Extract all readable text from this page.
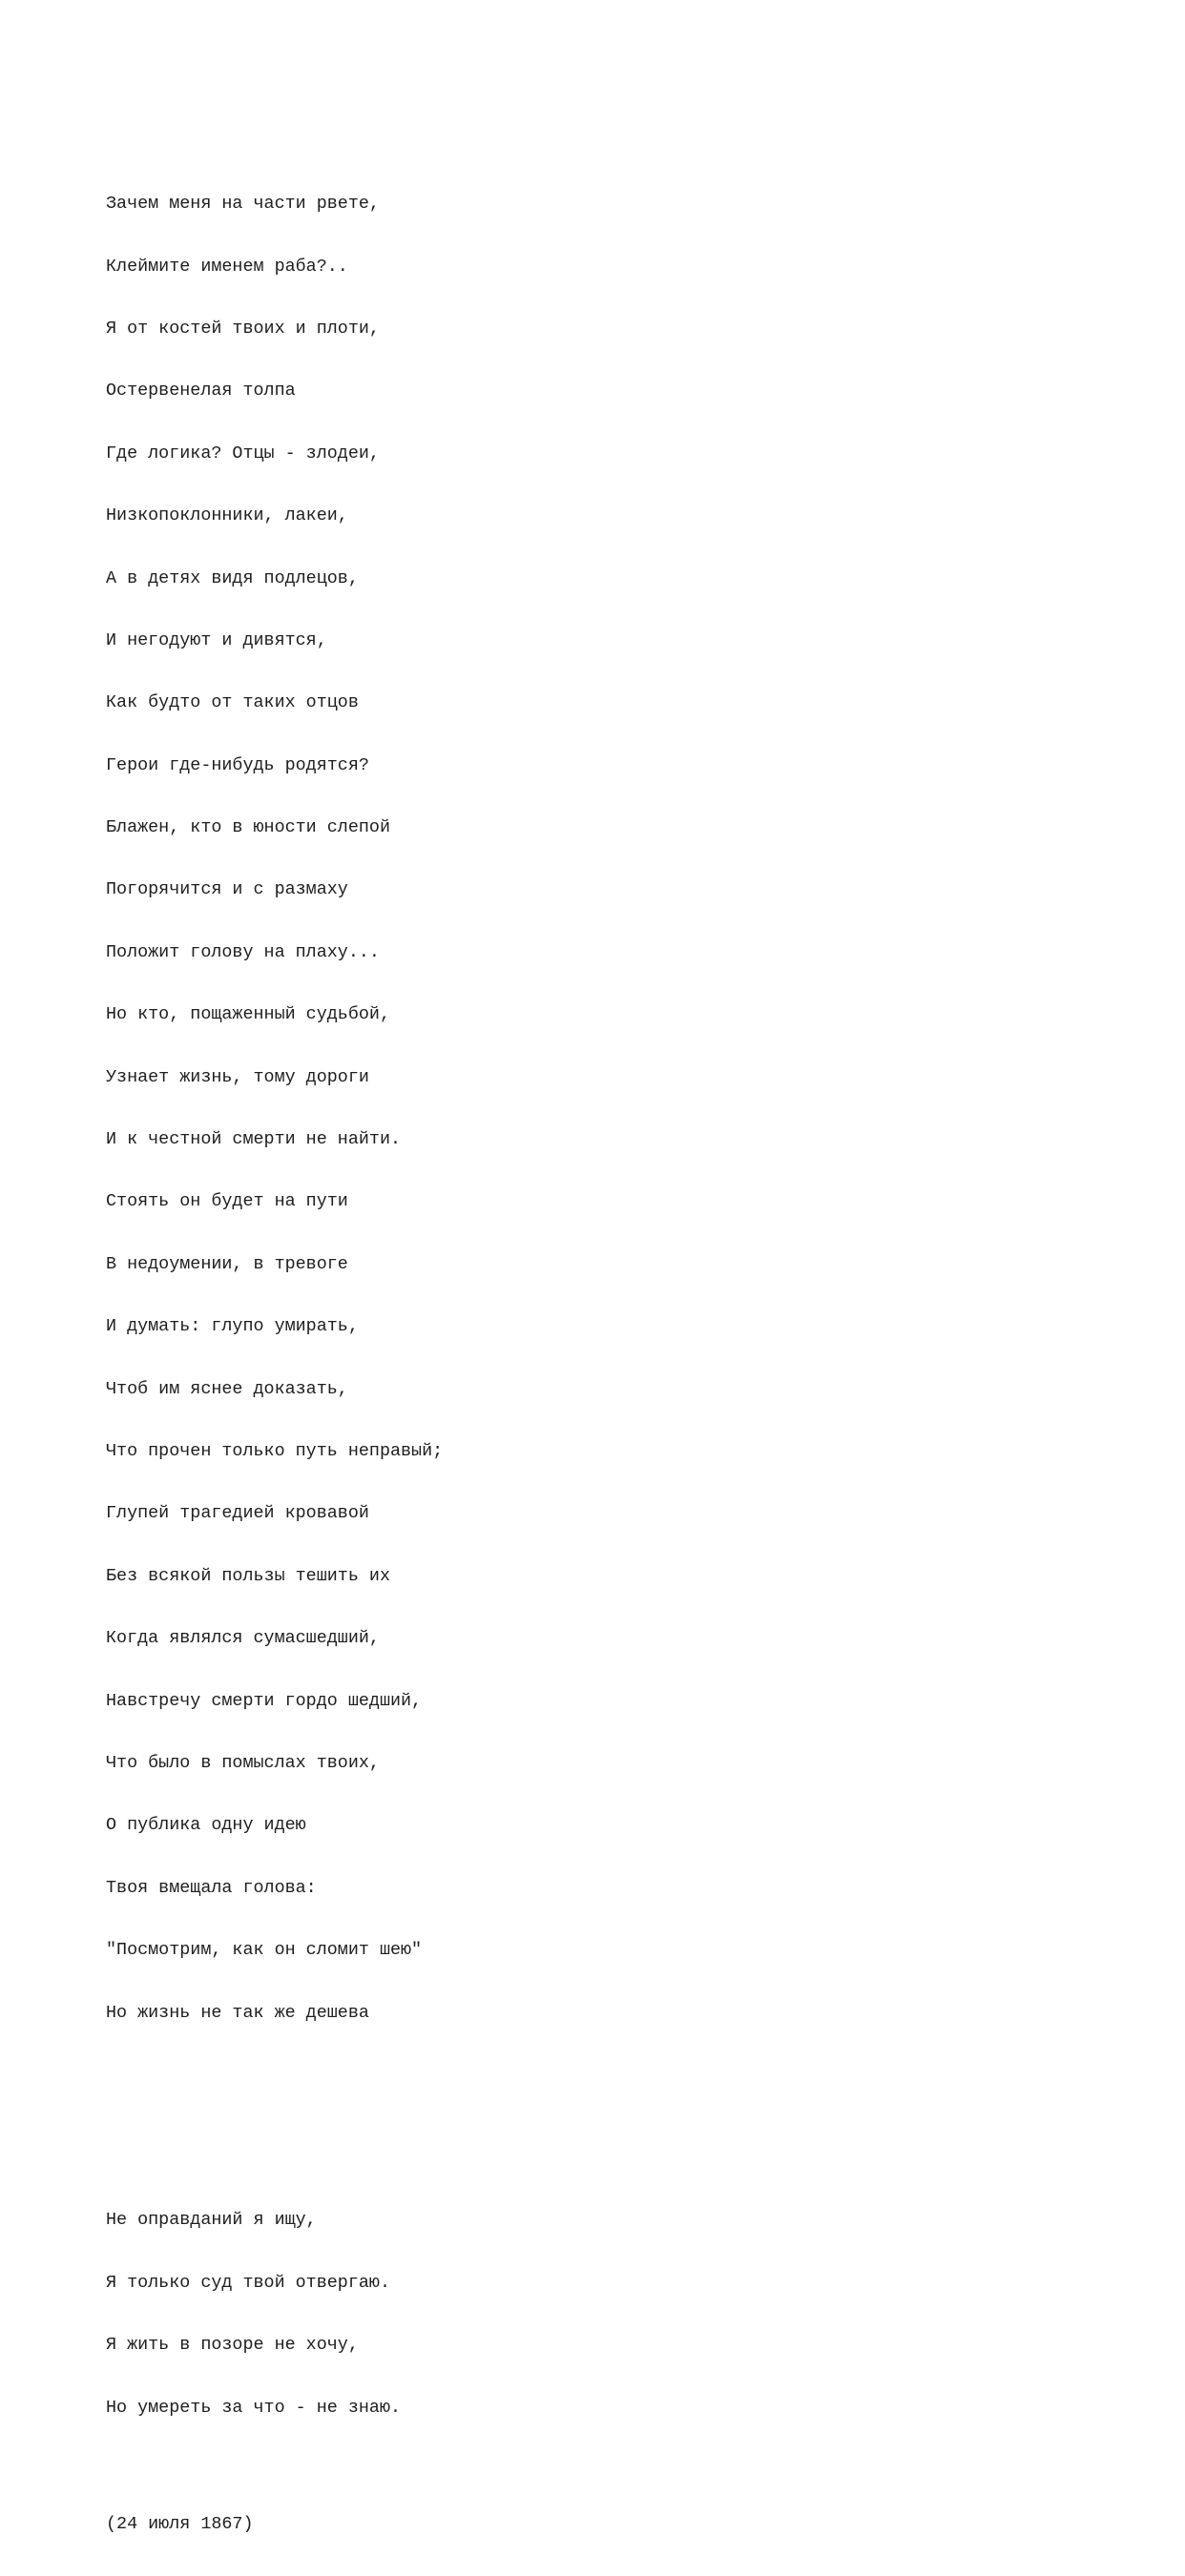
Зачем меня на части рвете,

Клеймите именем раба?..

Я от костей твоих и плоти,

Остервенелая толпа

Где логика? Отцы - злодеи,

Низкопоклонники, лакеи,

А в детях видя подлецов,

И негодуют и дивятся,

Как будто от таких отцов

Герои где-нибудь родятся?

Блажен, кто в юности слепой

Погорячится и с размаху

Положит голову на плаху...

Но кто, пощаженный судьбой,

Узнает жизнь, тому дороги

И к честной смерти не найти.

Стоять он будет на пути

В недоумении, в тревоге

И думать: глупо умирать,

Чтоб им яснее доказать,

Что прочен только путь неправый;

Глупей трагедией кровавой

Без всякой пользы тешить их

Когда являлся сумасшедший,

Навстречу смерти гордо шедший,

Что было в помыслах твоих,

О публика одну идею

Твоя вмещала голова:

"Посмотрим, как он сломит шею"

Но жизнь не так же дешева

Не оправданий я ищу,

Я только суд твой отвергаю.

Я жить в позоре не хочу,

Но умереть за что - не знаю.

(24 июля 1867)
